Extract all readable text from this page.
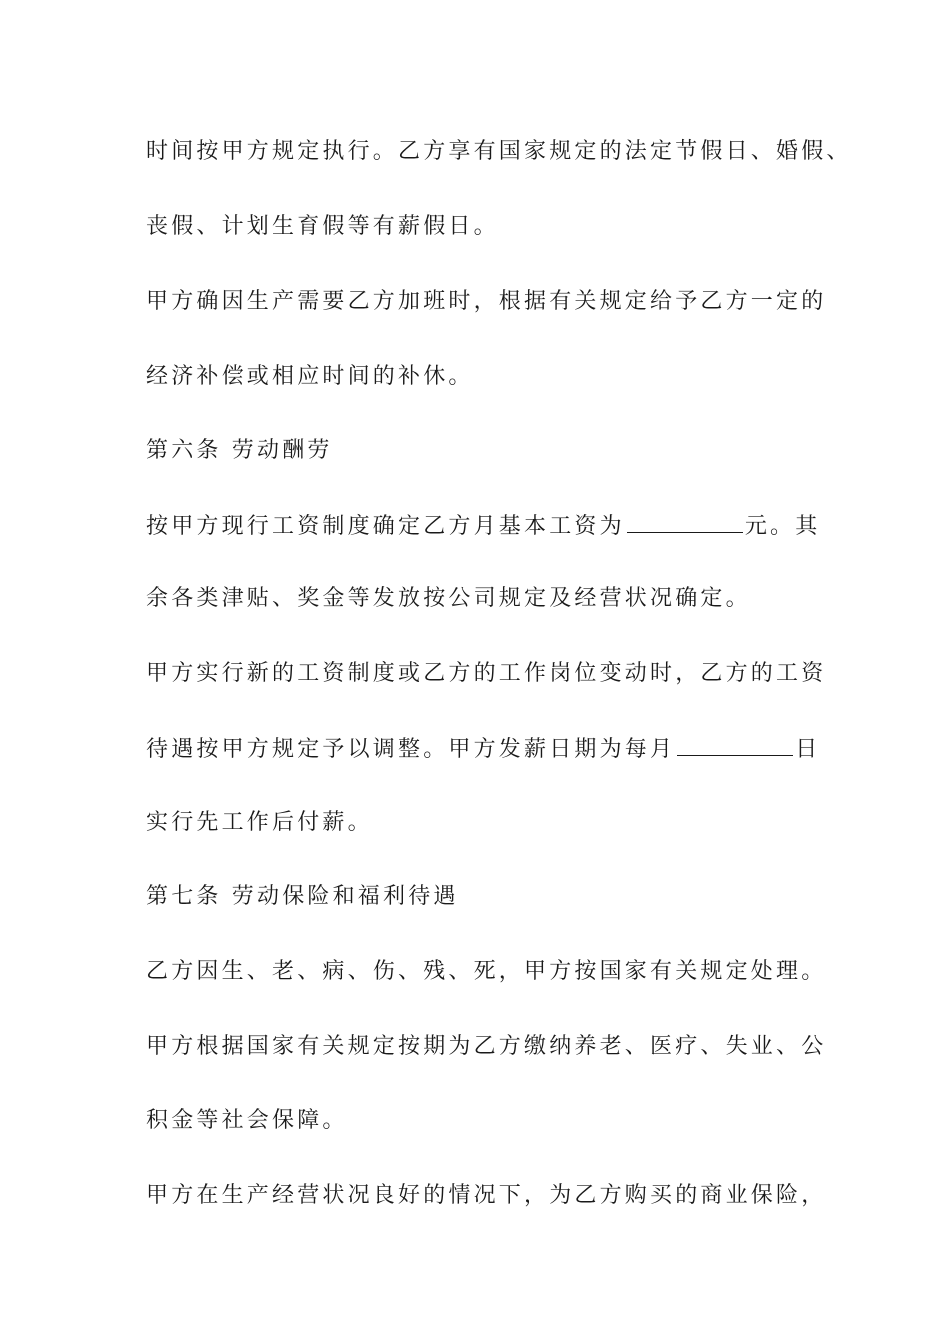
时间按甲方规定执行。乙方享有国家规定的法定节假日、婚假、
丧假、计划生育假等有薪假日。
甲方确因生产需要乙方加班时，根据有关规定给予乙方一定的
经济补偿或相应时间的补休。
第六条 劳动酬劳
按甲方现行工资制度确定乙方月基本工资为	元。其
余各类津贴、奖金等发放按公司规定及经营状况确定。
甲方实行新的工资制度或乙方的工作岗位变动时，乙方的工资
待遇按甲方规定予以调整。甲方发薪日期为每月	日
实行先工作后付薪。
第七条 劳动保险和福利待遇
乙方因生、老、病、伤、残、死，甲方按国家有关规定处理。
甲方根据国家有关规定按期为乙方缴纳养老、医疗、失业、公
积金等社会保障。
甲方在生产经营状况良好的情况下，为乙方购买的商业保险，
